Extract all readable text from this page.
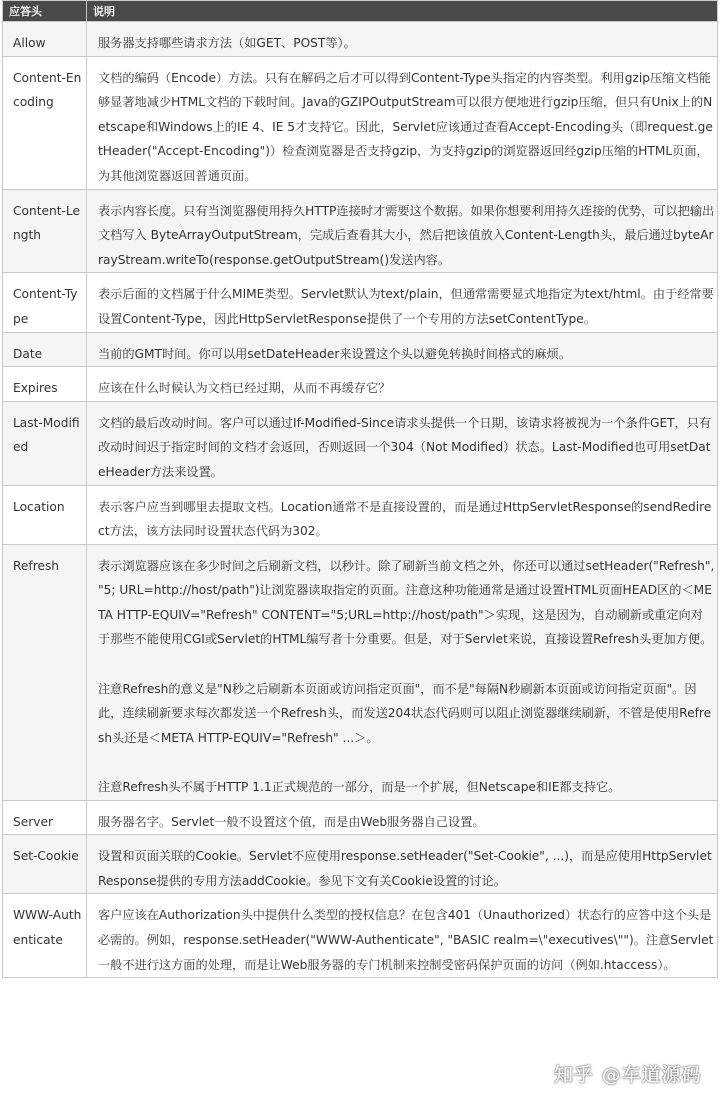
应答头	说明
Allow	服务器支持哪些请求方法（如GET、POST等）。

Content-Encoding	文档的编码（Encode）方法。只有在解码之后才可以得到Content-Type头指定的内容类型。利用gzip压缩文档能够显著地减少HTML文档的下载时间。Java的GZIPOutputStream可以很方便地进行gzip压缩，但只有Unix上的Netscape和Windows上的IE 4、IE 5才支持它。因此，Servlet应该通过查看Accept-Encoding头（即request.getHeader("Accept-Encoding")）检查浏览器是否支持gzip，为支持gzip的浏览器返回经gzip压缩的HTML页面，为其他浏览器返回普通页面。

Content-Length	表示内容长度。只有当浏览器使用持久HTTP连接时才需要这个数据。如果你想要利用持久连接的优势，可以把输出文档写入 ByteArrayOutputStream，完成后查看其大小，然后把该值放入Content-Length头，最后通过byteArrayStream.writeTo(response.getOutputStream()发送内容。

Content-Type	表示后面的文档属于什么MIME类型。Servlet默认为text/plain，但通常需要显式地指定为text/html。由于经常要设置Content-Type，因此HttpServletResponse提供了一个专用的方法setContentType。

Date	当前的GMT时间。你可以用setDateHeader来设置这个头以避免转换时间格式的麻烦。

Expires	应该在什么时候认为文档已经过期，从而不再缓存它？

Last-Modified	文档的最后改动时间。客户可以通过If-Modified-Since请求头提供一个日期，该请求将被视为一个条件GET，只有改动时间迟于指定时间的文档才会返回，否则返回一个304（Not Modified）状态。Last-Modified也可用setDateHeader方法来设置。

Location	表示客户应当到哪里去提取文档。Location通常不是直接设置的，而是通过HttpServletResponse的sendRedirect方法，该方法同时设置状态代码为302。

Refresh	表示浏览器应该在多少时间之后刷新文档，以秒计。除了刷新当前文档之外，你还可以通过setHeader("Refresh", "5; URL=http://host/path")让浏览器读取指定的页面。注意这种功能通常是通过设置HTML页面HEAD区的＜META HTTP-EQUIV="Refresh" CONTENT="5;URL=http://host/path"＞实现，这是因为，自动刷新或重定向对于那些不能使用CGI或Servlet的HTML编写者十分重要。但是，对于Servlet来说，直接设置Refresh头更加方便。
注意Refresh的意义是"N秒之后刷新本页面或访问指定页面"，而不是"每隔N秒刷新本页面或访问指定页面"。因此，连续刷新要求每次都发送一个Refresh头，而发送204状态代码则可以阻止浏览器继续刷新，不管是使用Refresh头还是＜META HTTP-EQUIV="Refresh" ...＞。
注意Refresh头不属于HTTP 1.1正式规范的一部分，而是一个扩展，但Netscape和IE都支持它。

Server	服务器名字。Servlet一般不设置这个值，而是由Web服务器自己设置。

Set-Cookie	设置和页面关联的Cookie。Servlet不应使用response.setHeader("Set-Cookie", ...)，而是应使用HttpServletResponse提供的专用方法addCookie。参见下文有关Cookie设置的讨论。

WWW-Authenticate	客户应该在Authorization头中提供什么类型的授权信息？在包含401（Unauthorized）状态行的应答中这个头是必需的。例如，response.setHeader("WWW-Authenticate", "BASIC realm=\"executives\"")。注意Servlet一般不进行这方面的处理，而是让Web服务器的专门机制来控制受密码保护页面的访问（例如.htaccess）。
知乎 @车道源码
